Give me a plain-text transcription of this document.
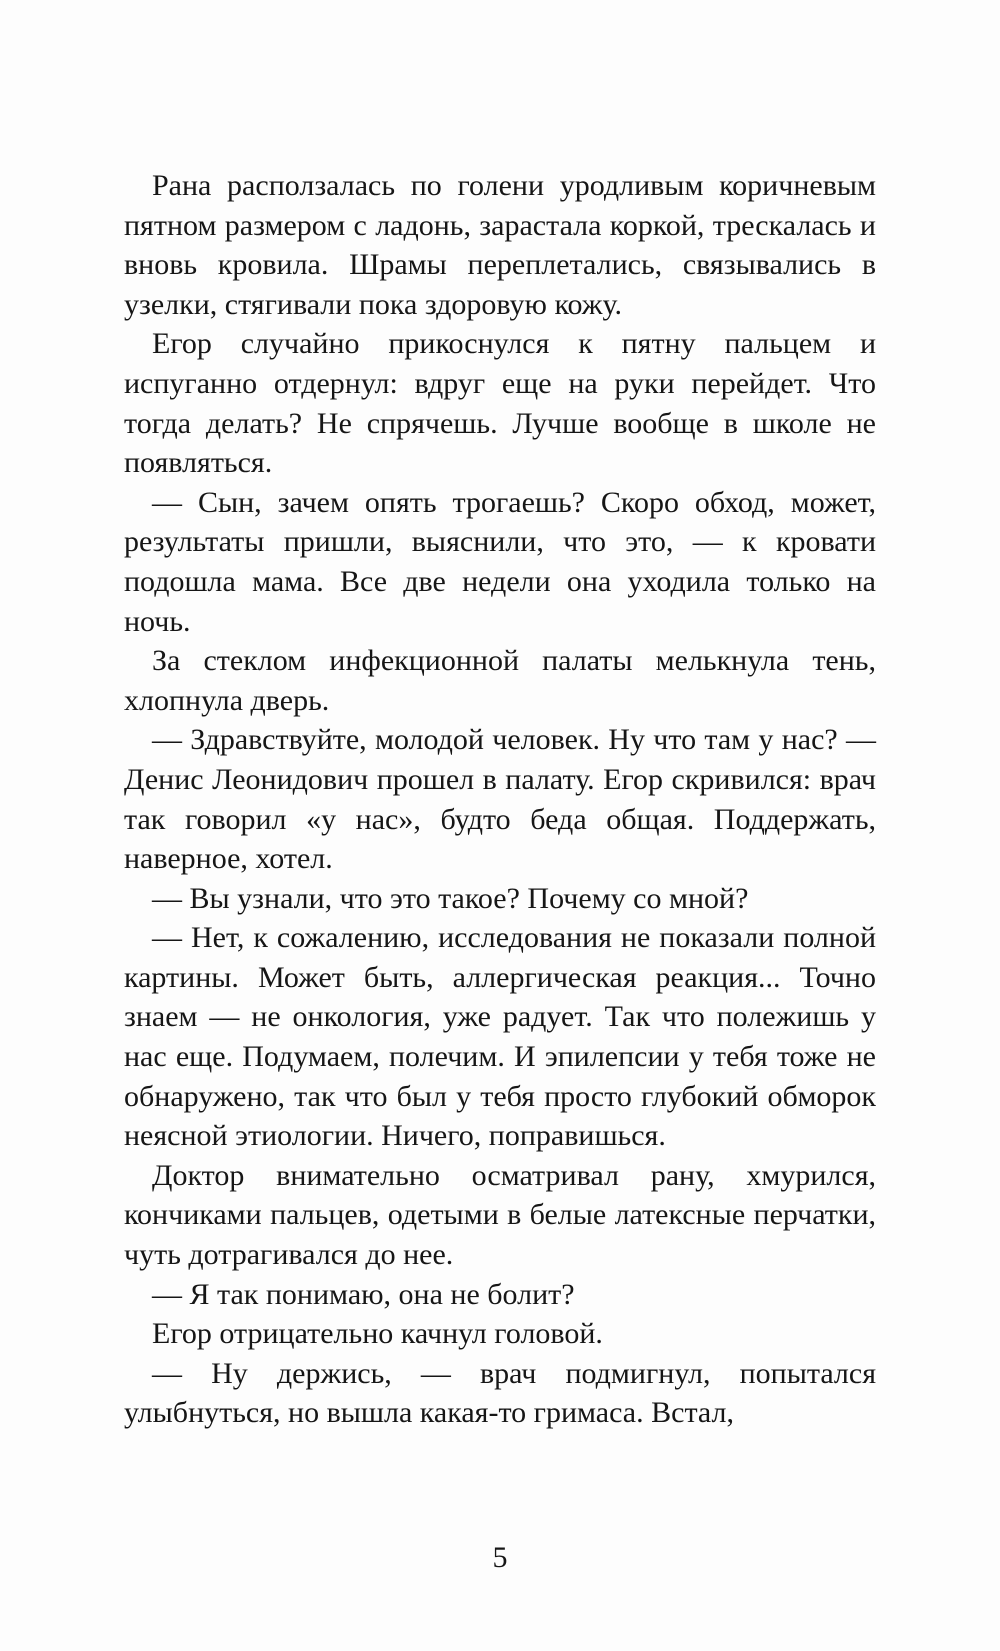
Рана расползалась по голени уродливым коричневым пятном размером с ладонь, зарастала коркой, трескалась и вновь кровила. Шрамы переплетались, связывались в узелки, стягивали пока здоровую кожу.

Егор случайно прикоснулся к пятну пальцем и испуганно отдернул: вдруг еще на руки перейдет. Что тогда делать? Не спрячешь. Лучше вообще в школе не появляться.

— Сын, зачем опять трогаешь? Скоро обход, может, результаты пришли, выяснили, что это, — к кровати подошла мама. Все две недели она уходила только на ночь.

За стеклом инфекционной палаты мелькнула тень, хлопнула дверь.

— Здравствуйте, молодой человек. Ну что там у нас? — Денис Леонидович прошел в палату. Егор скривился: врач так говорил «у нас», будто беда общая. Поддержать, наверное, хотел.

— Вы узнали, что это такое? Почему со мной?

— Нет, к сожалению, исследования не показали полной картины. Может быть, аллергическая реакция... Точно знаем — не онкология, уже радует. Так что полежишь у нас еще. Подумаем, полечим. И эпилепсии у тебя тоже не обнаружено, так что был у тебя просто глубокий обморок неясной этиологии. Ничего, поправишься.

Доктор внимательно осматривал рану, хмурился, кончиками пальцев, одетыми в белые латексные перчатки, чуть дотрагивался до нее.

— Я так понимаю, она не болит?

Егор отрицательно качнул головой.

— Ну держись, — врач подмигнул, попытался улыбнуться, но вышла какая-то гримаса. Встал,

5
